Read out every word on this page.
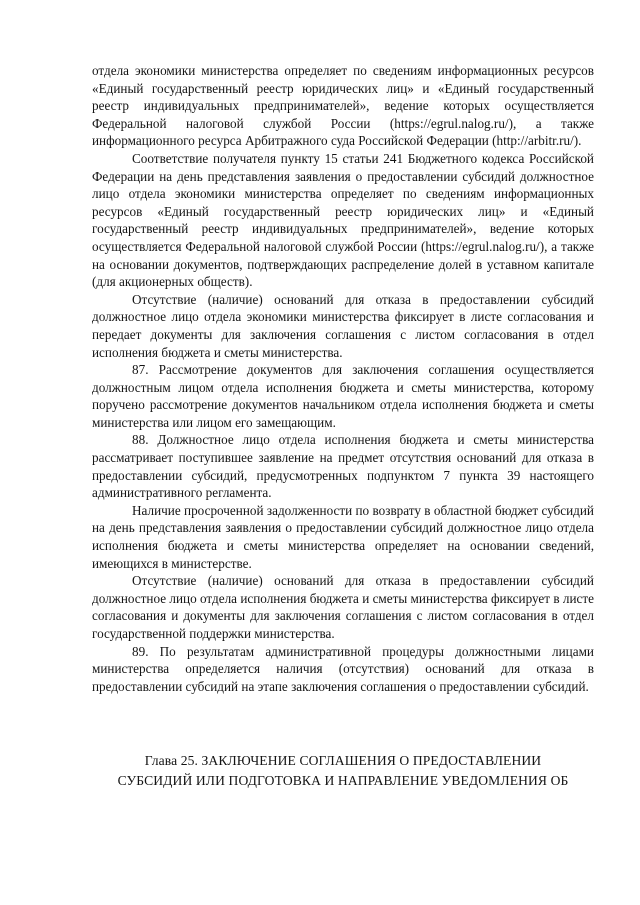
отдела экономики министерства определяет по сведениям информационных ресурсов «Единый государственный реестр юридических лиц» и «Единый государственный реестр индивидуальных предпринимателей», ведение которых осуществляется Федеральной налоговой службой России (https://egrul.nalog.ru/), а также информационного ресурса Арбитражного суда Российской Федерации (http://arbitr.ru/).

Соответствие получателя пункту 15 статьи 241 Бюджетного кодекса Российской Федерации на день представления заявления о предоставлении субсидий должностное лицо отдела экономики министерства определяет по сведениям информационных ресурсов «Единый государственный реестр юридических лиц» и «Единый государственный реестр индивидуальных предпринимателей», ведение которых осуществляется Федеральной налоговой службой России (https://egrul.nalog.ru/), а также на основании документов, подтверждающих распределение долей в уставном капитале (для акционерных обществ).

Отсутствие (наличие) оснований для отказа в предоставлении субсидий должностное лицо отдела экономики министерства фиксирует в листе согласования и передает документы для заключения соглашения с листом согласования в отдел исполнения бюджета и сметы министерства.

87. Рассмотрение документов для заключения соглашения осуществляется должностным лицом отдела исполнения бюджета и сметы министерства, которому поручено рассмотрение документов начальником отдела исполнения бюджета и сметы министерства или лицом его замещающим.

88. Должностное лицо отдела исполнения бюджета и сметы министерства рассматривает поступившее заявление на предмет отсутствия оснований для отказа в предоставлении субсидий, предусмотренных подпунктом 7 пункта 39 настоящего административного регламента.

Наличие просроченной задолженности по возврату в областной бюджет субсидий на день представления заявления о предоставлении субсидий должностное лицо отдела исполнения бюджета и сметы министерства определяет на основании сведений, имеющихся в министерстве.

Отсутствие (наличие) оснований для отказа в предоставлении субсидий должностное лицо отдела исполнения бюджета и сметы министерства фиксирует в листе согласования и документы для заключения соглашения с листом согласования в отдел государственной поддержки министерства.

89. По результатам административной процедуры должностными лицами министерства определяется наличия (отсутствия) оснований для отказа в предоставлении субсидий на этапе заключения соглашения о предоставлении субсидий.

Глава 25. ЗАКЛЮЧЕНИЕ СОГЛАШЕНИЯ О ПРЕДОСТАВЛЕНИИ
СУБСИДИЙ ИЛИ ПОДГОТОВКА И НАПРАВЛЕНИЕ УВЕДОМЛЕНИЯ ОБ
